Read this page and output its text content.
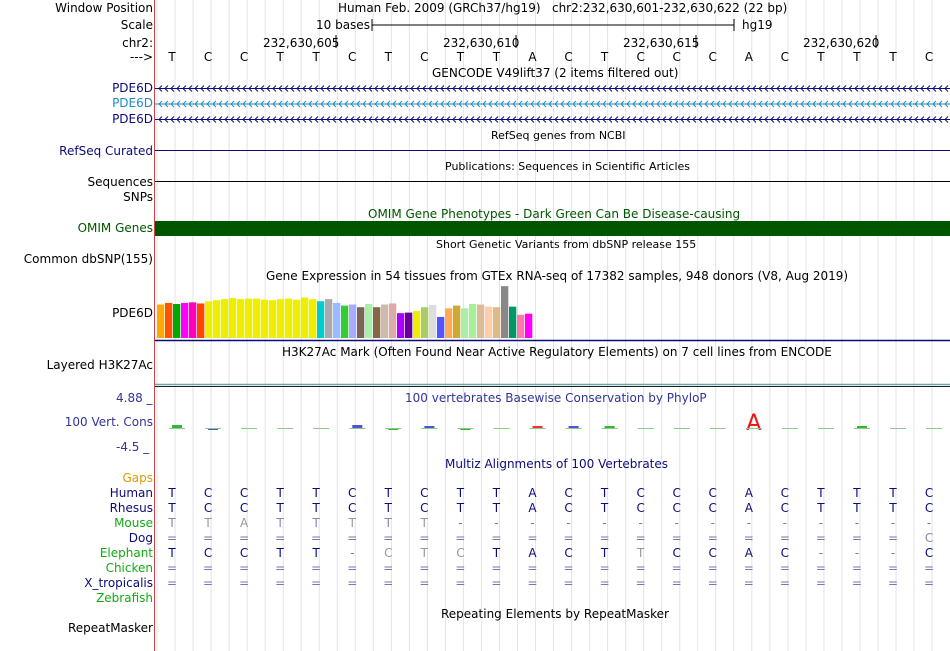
Window Position	Human Feb. 2009 (GRCh37/hg19) chr2:232,630,601-232,630,622 (22 bp)
Scale	10 bases	hg19
chr2:	232,630,605	232,630,610	232,630,615	232,630,620
--->	T	C	C	T	T	C	T	C	T	T	A	C	T	C	C	C	A	C	T	T	T	C
GENCODE V49lift37 (2 items filtered out)
PDE6D
PDE6D
PDE6D
RefSeq genes from NCBI
RefSeq Curated
Publications: Sequences in Scientific Articles
Sequences
SNPs
OMIM Gene Phenotypes - Dark Green Can Be Disease-causing
OMIM Genes
Short Genetic Variants from dbSNP release 155
Common dbSNP(155)
Gene Expression in 54 tissues from GTEx RNA-seq of 17382 samples, 948 donors (V8, Aug 2019)
PDE6D
H3K27Ac Mark (Often Found Near Active Regulatory Elements) on 7 cell lines from ENCODE
Layered H3K27Ac
100 vertebrates Basewise Conservation by PhyloP
4.88 _
100 Vert. Cons
-4.5 _
A
Multiz Alignments of 100 Vertebrates
Gaps
Human	T	C	C	T	T	C	T	C	T	T	A	C	T	C	C	C	A	C	T	T	T	C
Rhesus	T	C	C	T	T	C	T	C	T	T	A	C	T	C	C	C	A	C	T	T	T	C
Mouse	T	T	A	T	T	T	T	T	-	-	-	-	-	-	-	-	-	-	-	-	-	-
Dog	=	=	=	=	=	=	=	=	=	=	=	=	=	=	=	=	=	=	=	=	=	C
Elephant	T	C	C	T	T	-	C	T	C	T	A	C	T	T	C	C	A	C	-	-	-	C
Chicken	=	=	=	=	=	=	=	=	=	=	=	=	=	=	=	=	=	=	=	=	=	=
X_tropicalis	=	=	=	=	=	=	=	=	=	=	=	=	=	=	=	=	=	=	=	=	=	=
Zebrafish
Repeating Elements by RepeatMasker
RepeatMasker
